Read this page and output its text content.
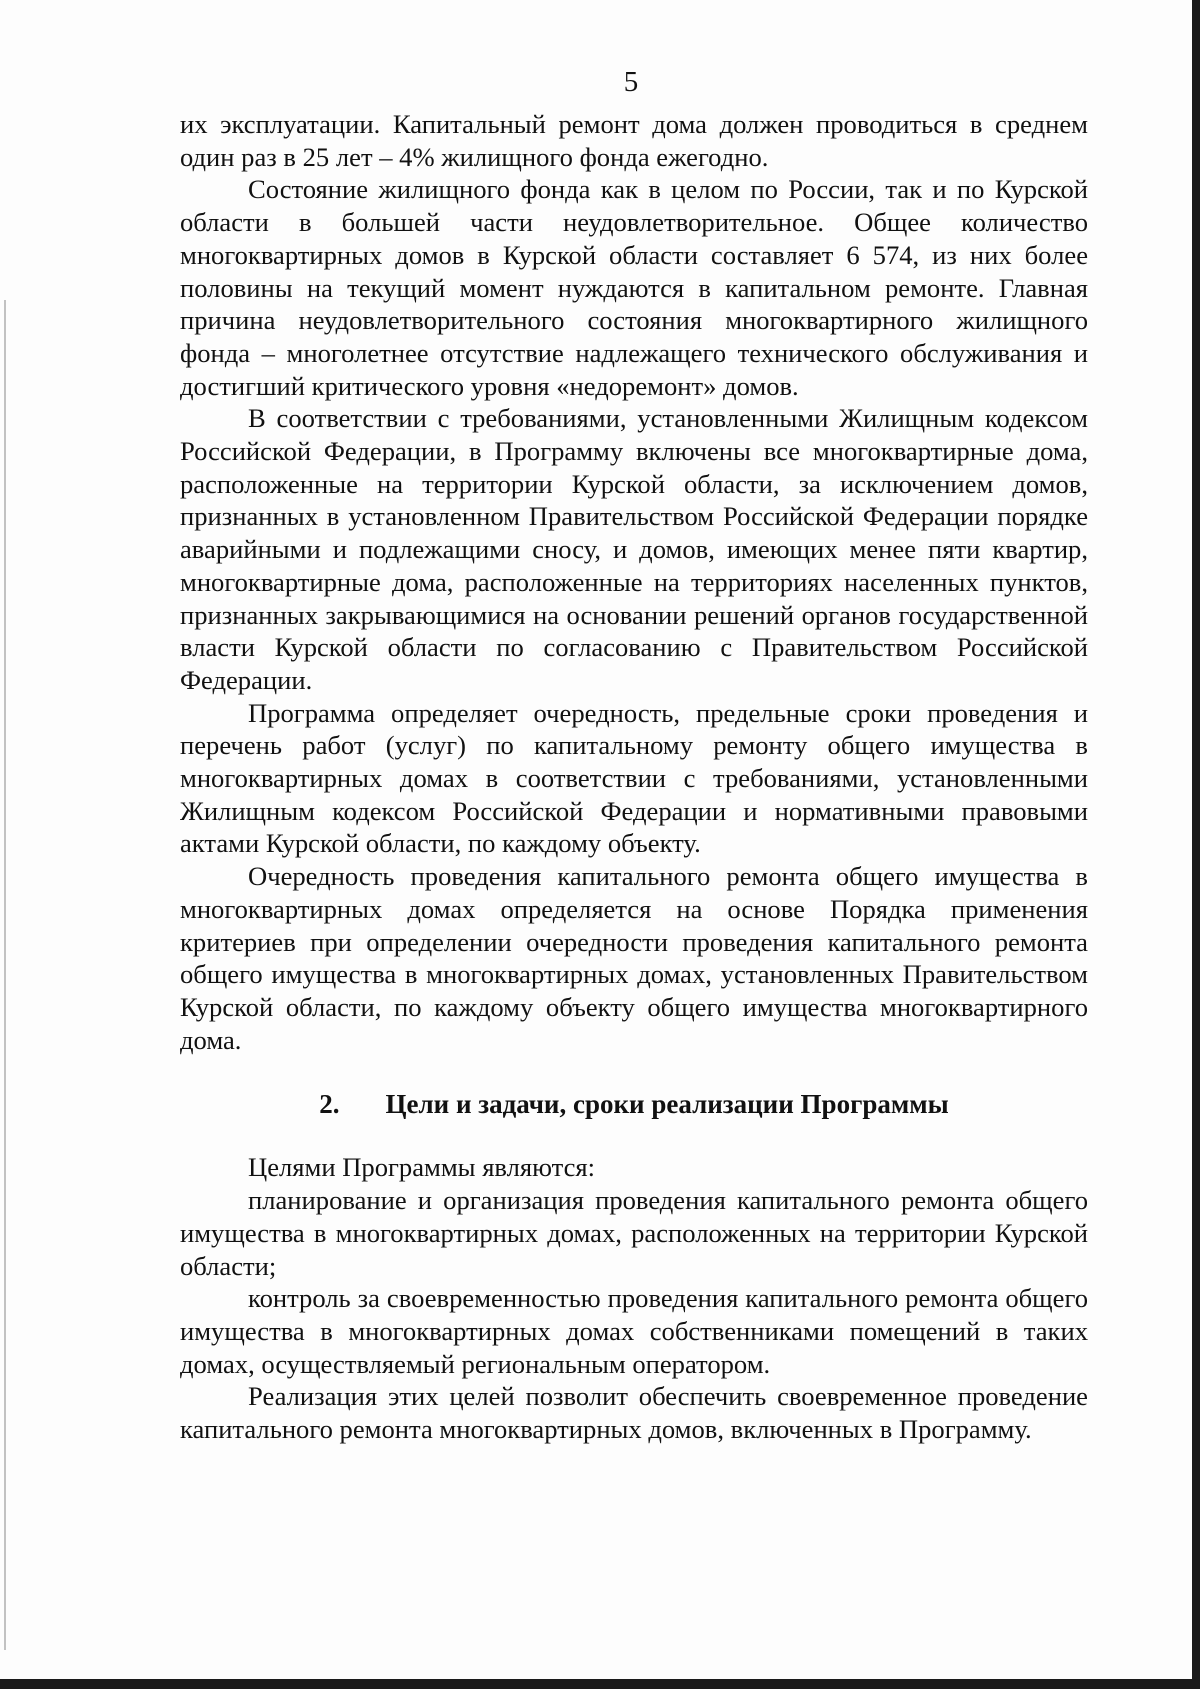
5

их эксплуатации. Капитальный ремонт дома должен проводиться в среднем один раз в 25 лет – 4% жилищного фонда ежегодно.

Состояние жилищного фонда как в целом по России, так и по Курской области в большей части неудовлетворительное. Общее количество многоквартирных домов в Курской области составляет 6 574, из них более половины на текущий момент нуждаются в капитальном ремонте. Главная причина неудовлетворительного состояния многоквартирного жилищного фонда – многолетнее отсутствие надлежащего технического обслуживания и достигший критического уровня «недоремонт» домов.

В соответствии с требованиями, установленными Жилищным кодексом Российской Федерации, в Программу включены все многоквартирные дома, расположенные на территории Курской области, за исключением домов, признанных в установленном Правительством Российской Федерации порядке аварийными и подлежащими сносу, и домов, имеющих менее пяти квартир, многоквартирные дома, расположенные на территориях населенных пунктов, признанных закрывающимися на основании решений органов государственной власти Курской области по согласованию с Правительством Российской Федерации.

Программа определяет очередность, предельные сроки проведения и перечень работ (услуг) по капитальному ремонту общего имущества в многоквартирных домах в соответствии с требованиями, установленными Жилищным кодексом Российской Федерации и нормативными правовыми актами Курской области, по каждому объекту.

Очередность проведения капитального ремонта общего имущества в многоквартирных домах определяется на основе Порядка применения критериев при определении очередности проведения капитального ремонта общего имущества в многоквартирных домах, установленных Правительством Курской области, по каждому объекту общего имущества многоквартирного дома.

2. Цели и задачи, сроки реализации Программы

Целями Программы являются:

планирование и организация проведения капитального ремонта общего имущества в многоквартирных домах, расположенных на территории Курской области;

контроль за своевременностью проведения капитального ремонта общего имущества в многоквартирных домах собственниками помещений в таких домах, осуществляемый региональным оператором.

Реализация этих целей позволит обеспечить своевременное проведение капитального ремонта многоквартирных домов, включенных в Программу.
